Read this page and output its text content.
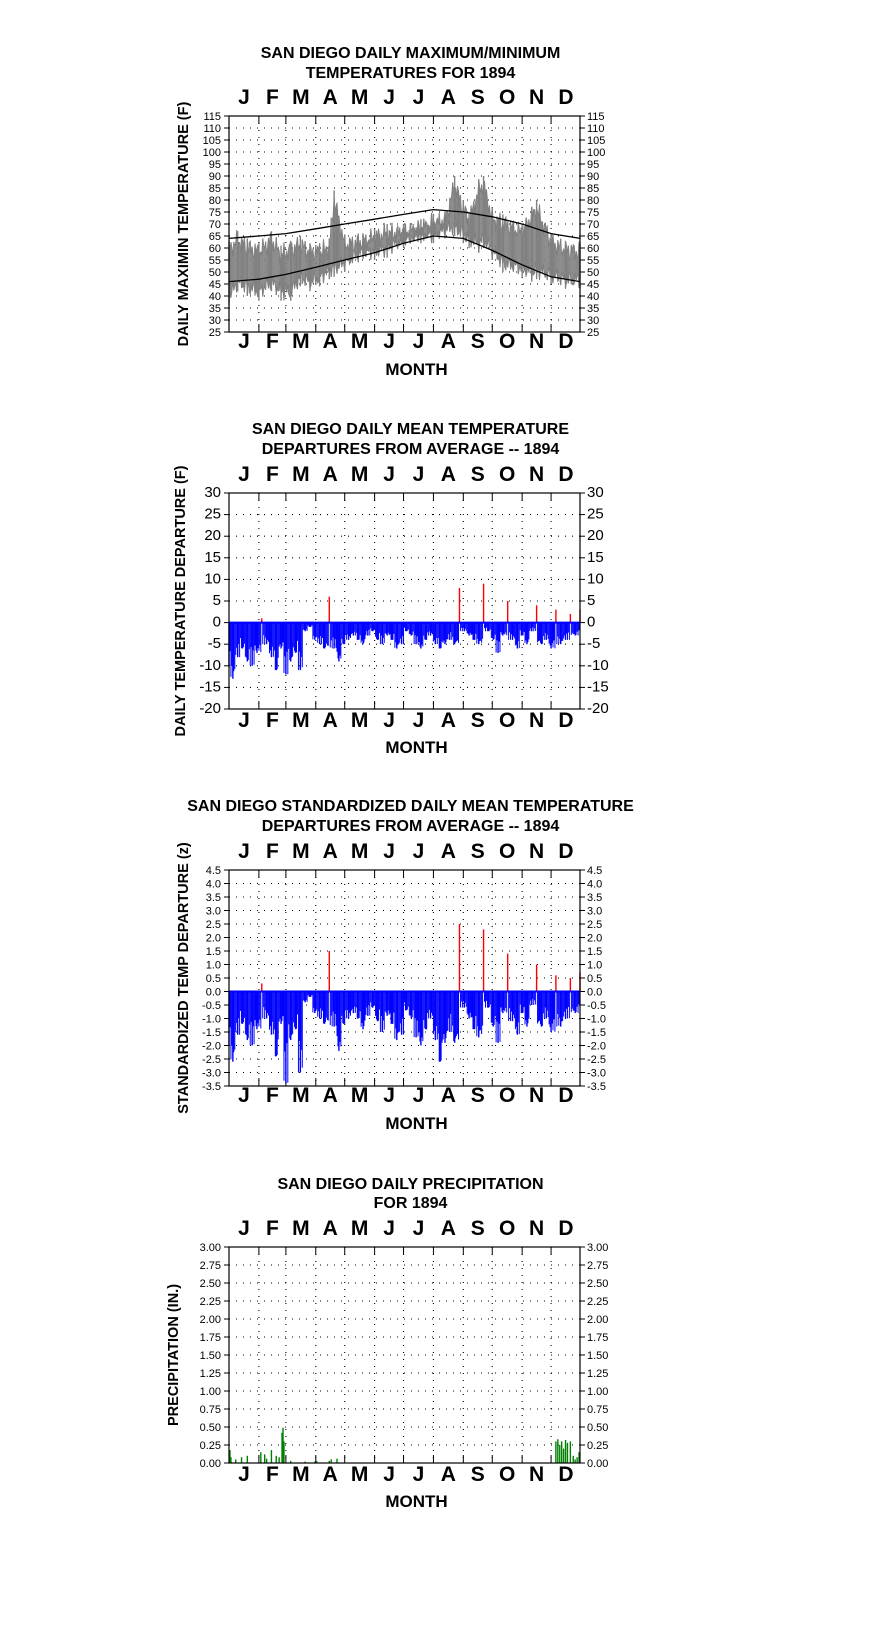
SAN DIEGO DAILY MAXIMUM/MINIMUM
TEMPERATURES FOR 1894
J
J
F
F
M
M
A
A
M
M
J
J
J
J
A
A
S
S
O
O
N
N
D
D
25	25
30	30
35	35
40	40
45	45
50	50
55	55
60	60
65	65
70	70
75	75
80	80
85	85
90	90
95	95
100	100
105	105
110	110
115	115
DAILY MAXIMIN TEMPERATURE (F)
MONTH
SAN DIEGO DAILY MEAN TEMPERATURE
DEPARTURES FROM AVERAGE -- 1894
J
J
F
F
M
M
A
A
M
M
J
J
J
J
A
A
S
S
O
O
N
N
D
D
-20	-20
-15	-15
-10	-10
-5	-5
0	0
5	5
10	10
15	15
20	20
25	25
30	30
DAILY TEMPERATURE DEPARTURE (F)
MONTH
SAN DIEGO STANDARDIZED DAILY MEAN TEMPERATURE
DEPARTURES FROM AVERAGE -- 1894
J
J
F
F
M
M
A
A
M
M
J
J
J
J
A
A
S
S
O
O
N
N
D
D
-3.5	-3.5
-3.0	-3.0
-2.5	-2.5
-2.0	-2.0
-1.5	-1.5
-1.0	-1.0
-0.5	-0.5
0.0	0.0
0.5	0.5
1.0	1.0
1.5	1.5
2.0	2.0
2.5	2.5
3.0	3.0
3.5	3.5
4.0	4.0
4.5	4.5
STANDARDIZED TEMP DEPARTURE (z)
MONTH
SAN DIEGO DAILY PRECIPITATION
FOR 1894
J
J
F
F
M
M
A
A
M
M
J
J
J
J
A
A
S
S
O
O
N
N
D
D
0.00	0.00
0.25	0.25
0.50	0.50
0.75	0.75
1.00	1.00
1.25	1.25
1.50	1.50
1.75	1.75
2.00	2.00
2.25	2.25
2.50	2.50
2.75	2.75
3.00	3.00
PRECIPITATION (IN.)
MONTH
